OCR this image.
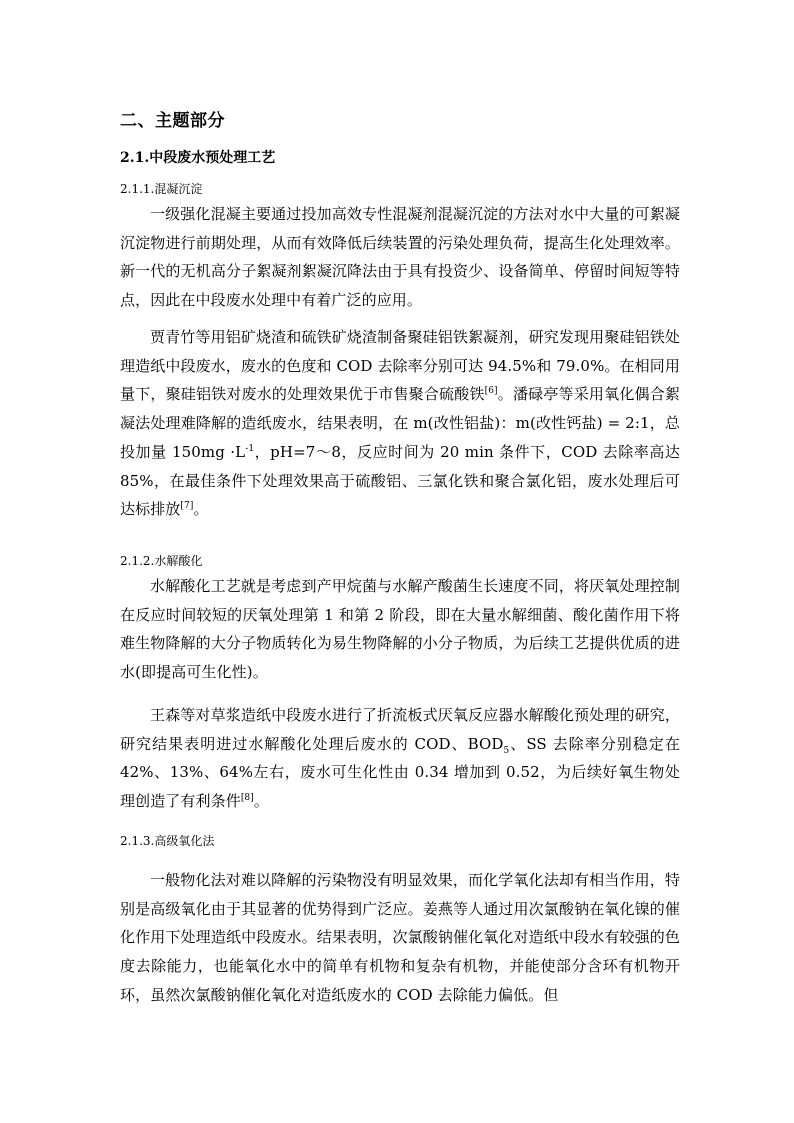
二、主题部分
2.1.中段废水预处理工艺
2.1.1.混凝沉淀
一级强化混凝主要通过投加高效专性混凝剂混凝沉淀的方法对水中大量的可絮凝沉淀物进行前期处理，从而有效降低后续装置的污染处理负荷，提高生化处理效率。新一代的无机高分子絮凝剂絮凝沉降法由于具有投资少、设备简单、停留时间短等特点，因此在中段废水处理中有着广泛的应用。
贾青竹等用铝矿烧渣和硫铁矿烧渣制备聚硅铝铁絮凝剂，研究发现用聚硅铝铁处理造纸中段废水，废水的色度和 COD 去除率分别可达 94.5%和 79.0%。在相同用量下，聚硅铝铁对废水的处理效果优于市售聚合硫酸铁[6]。潘碌亭等采用氧化偶合絮凝法处理难降解的造纸废水，结果表明，在 m(改性铝盐)：m(改性钙盐) = 2:1，总投加量 $150mg \cdot L^{-1}$，pH=7～8，反应时间为 20 min 条件下，COD 去除率高达 85%，在最佳条件下处理效果高于硫酸铝、三氯化铁和聚合氯化铝，废水处理后可达标排放[7]。
2.1.2.水解酸化
水解酸化工艺就是考虑到产甲烷菌与水解产酸菌生长速度不同，将厌氧处理控制在反应时间较短的厌氧处理第 1 和第 2 阶段，即在大量水解细菌、酸化菌作用下将难生物降解的大分子物质转化为易生物降解的小分子物质，为后续工艺提供优质的进水(即提高可生化性)。
王森等对草浆造纸中段废水进行了折流板式厌氧反应器水解酸化预处理的研究，研究结果表明进过水解酸化处理后废水的 COD、$BOD_5$、SS 去除率分别稳定在 42%、13%、64%左右，废水可生化性由 0.34 增加到 0.52，为后续好氧生物处理创造了有利条件[8]。
2.1.3.高级氧化法
一般物化法对难以降解的污染物没有明显效果，而化学氧化法却有相当作用，特别是高级氧化由于其显著的优势得到广泛应。姜燕等人通过用次氯酸钠在氧化镍的催化作用下处理造纸中段废水。结果表明，次氯酸钠催化氧化对造纸中段水有较强的色度去除能力，也能氧化水中的简单有机物和复杂有机物，并能使部分含环有机物开环，虽然次氯酸钠催化氧化对造纸废水的 COD 去除能力偏低。但
